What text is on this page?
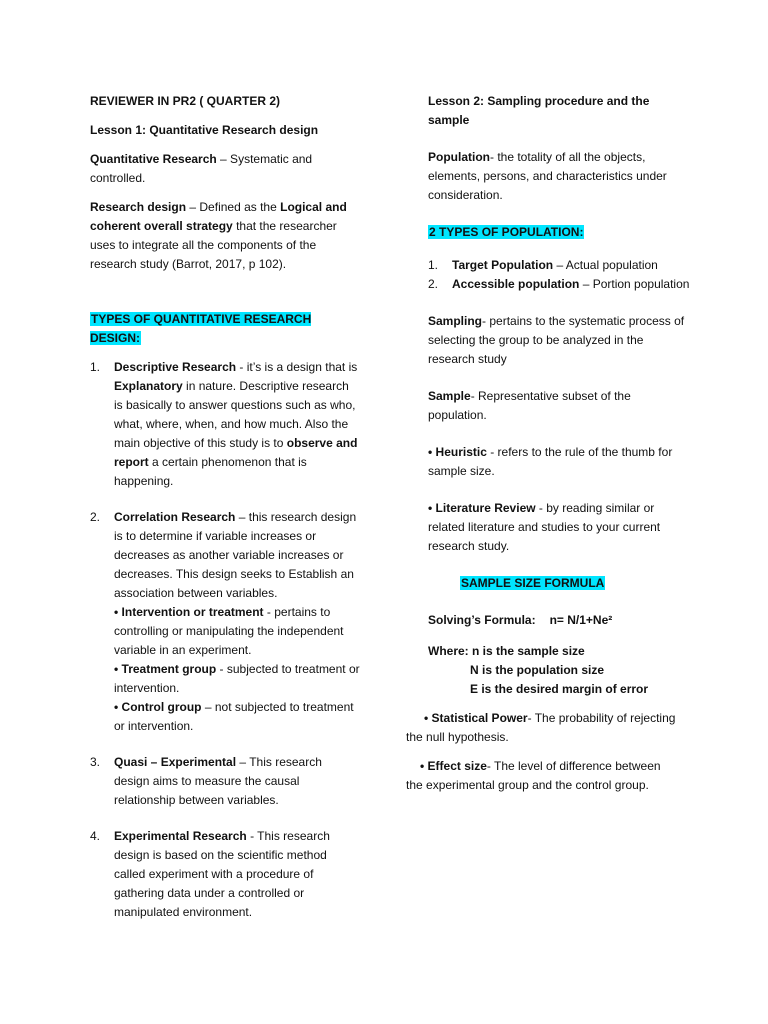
REVIEWER IN PR2 ( QUARTER 2)

Lesson 1: Quantitative Research design

Quantitative Research – Systematic and controlled.

Research design – Defined as the Logical and coherent overall strategy that the researcher uses to integrate all the components of the research study (Barrot, 2017, p 102).

TYPES OF QUANTITATIVE RESEARCH DESIGN:

1.	Descriptive Research - it’s is a design that is Explanatory in nature. Descriptive research is basically to answer questions such as who, what, where, when, and how much. Also the main objective of this study is to observe and report a certain phenomenon that is happening.
2.	Correlation Research – this research design is to determine if variable increases or decreases as another variable increases or decreases. This design seeks to Establish an association between variables.
• Intervention or treatment - pertains to controlling or manipulating the independent variable in an experiment.
• Treatment group - subjected to treatment or intervention.
• Control group – not subjected to treatment or intervention.
3.	Quasi – Experimental – This research design aims to measure the causal relationship between variables.
4.	Experimental Research - This research design is based on the scientific method called experiment with a procedure of gathering data under a controlled or manipulated environment.

Lesson 2: Sampling procedure and the sample

Population- the totality of all the objects, elements, persons, and characteristics under consideration.

2 TYPES OF POPULATION:

1.	Target Population – Actual population
2.	Accessible population – Portion population

Sampling- pertains to the systematic process of selecting the group to be analyzed in the research study

Sample- Representative subset of the population.

• Heuristic - refers to the rule of the thumb for sample size.

• Literature Review - by reading similar or related literature and studies to your current research study.

SAMPLE SIZE FORMULA

Solving’s Formula: n= N/1+Ne²

Where: n is the sample size
N is the population size
E is the desired margin of error

• Statistical Power- The probability of rejecting the null hypothesis.

• Effect size- The level of difference between the experimental group and the control group.
